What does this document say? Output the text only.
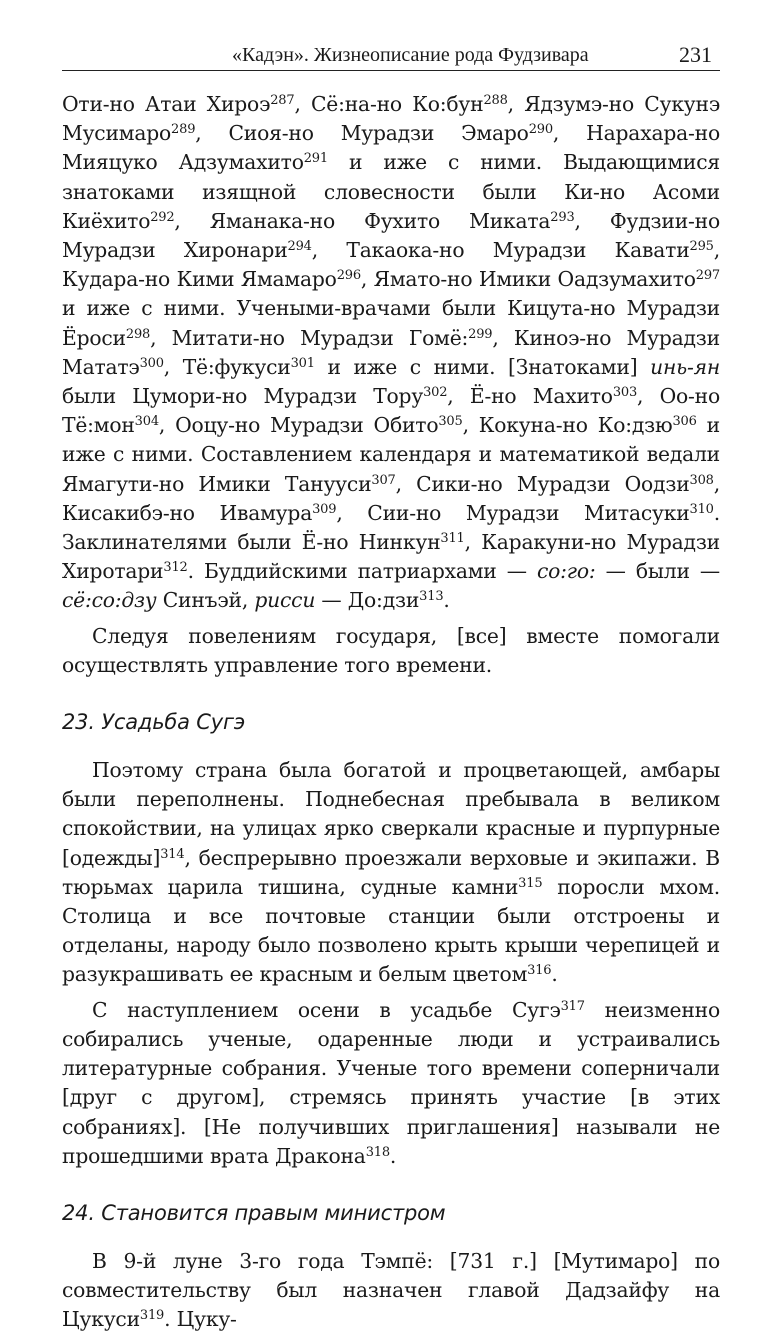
«Кадэн». Жизнеописание рода Фудзивара	231

Оти-но Атаи Хироэ$^{287}$, Сё:на-но Ко:бун$^{288}$, Ядзумэ-но Сукунэ Мусимаро$^{289}$, Сиоя-но Мурадзи Эмаро$^{290}$, Нарахара-но Мияцуко Адзумахито$^{291}$ и иже с ними. Выдающимися знатоками изящной словесности были Ки-но Асоми Киёхито$^{292}$, Яманака-но Фухито Миката$^{293}$, Фудзии-но Мурадзи Хиронари$^{294}$, Такаока-но Мурадзи Кавати$^{295}$, Кудара-но Кими Ямамаро$^{296}$, Ямато-но Имики Оадзумахито$^{297}$ и иже с ними. Учеными-врачами были Кицута-но Мурадзи Ёроси$^{298}$, Митати-но Мурадзи Гомё:$^{299}$, Киноэ-но Мурадзи Мататэ$^{300}$, Тё:фукуси$^{301}$ и иже с ними. [Знатоками] инь-ян были Цумори-но Мурадзи Тору$^{302}$, Ё-но Махито$^{303}$, Оо-но Тё:мон$^{304}$, Ооцу-но Мурадзи Обито$^{305}$, Кокуна-но Ко:дзю$^{306}$ и иже с ними. Составлением календаря и математикой ведали Ямагути-но Имики Танууси$^{307}$, Сики-но Мурадзи Оодзи$^{308}$, Кисакибэ-но Ивамура$^{309}$, Сии-но Мурадзи Митасуки$^{310}$. Заклинателями были Ё-но Нинкун$^{311}$, Каракуни-но Мурадзи Хиротари$^{312}$. Буддийскими патриархами — со:го: — были — сё:со:дзу Синъэй, рисси — До:дзи$^{313}$.

Следуя повелениям государя, [все] вместе помогали осуществлять управление того времени.

23. Усадьба Сугэ

Поэтому страна была богатой и процветающей, амбары были переполнены. Поднебесная пребывала в великом спокойствии, на улицах ярко сверкали красные и пурпурные [одежды]$^{314}$, беспрерывно проезжали верховые и экипажи. В тюрьмах царила тишина, судные камни$^{315}$ поросли мхом. Столица и все почтовые станции были отстроены и отделаны, народу было позволено крыть крыши черепицей и разукрашивать ее красным и белым цветом$^{316}$.

С наступлением осени в усадьбе Сугэ$^{317}$ неизменно собирались ученые, одаренные люди и устраивались литературные собрания. Ученые того времени соперничали [друг с другом], стремясь принять участие [в этих собраниях]. [Не получивших приглашения] называли не прошедшими врата Дракона$^{318}$.

24. Становится правым министром

В 9-й луне 3-го года Тэмпё: [731 г.] [Мутимаро] по совместительству был назначен главой Дадзайфу на Цукуси$^{319}$. Цуку-
